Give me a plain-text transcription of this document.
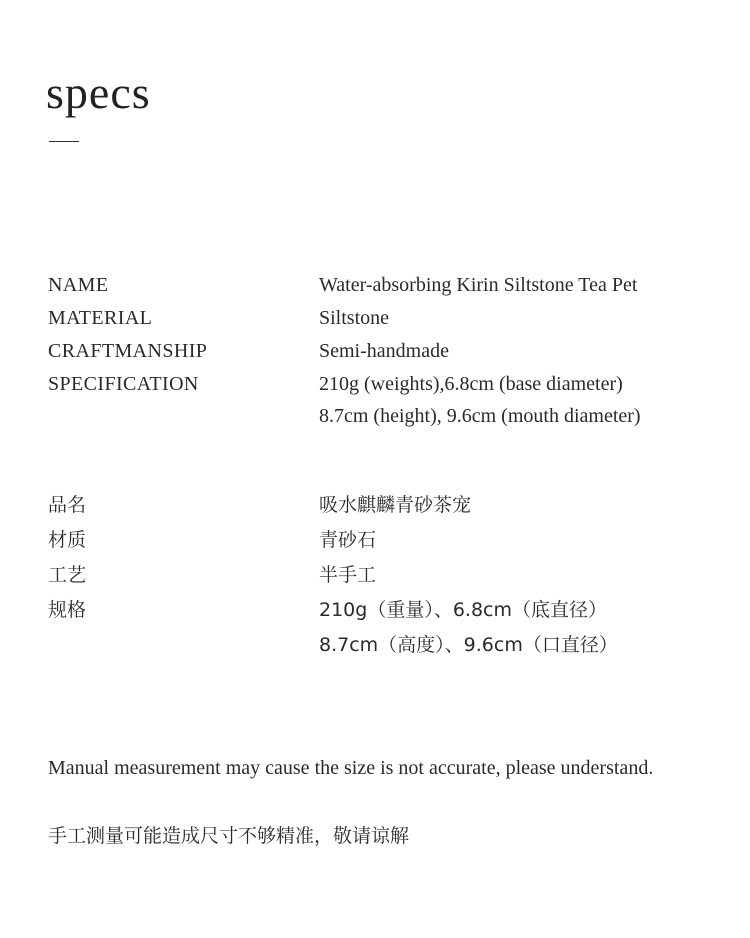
specs
NAME	Water-absorbing Kirin Siltstone Tea Pet
MATERIAL	Siltstone
CRAFTMANSHIP	Semi-handmade
SPECIFICATION	210g (weights),6.8cm (base diameter)
8.7cm (height), 9.6cm (mouth diameter)
品名	吸水麒麟青砂茶宠
材质	青砂石
工艺	半手工
规格	210g（重量）、6.8cm（底直径）
8.7cm（高度）、9.6cm（口直径）

Manual measurement may cause the size is not accurate, please understand.

手工测量可能造成尺寸不够精准，敬请谅解
